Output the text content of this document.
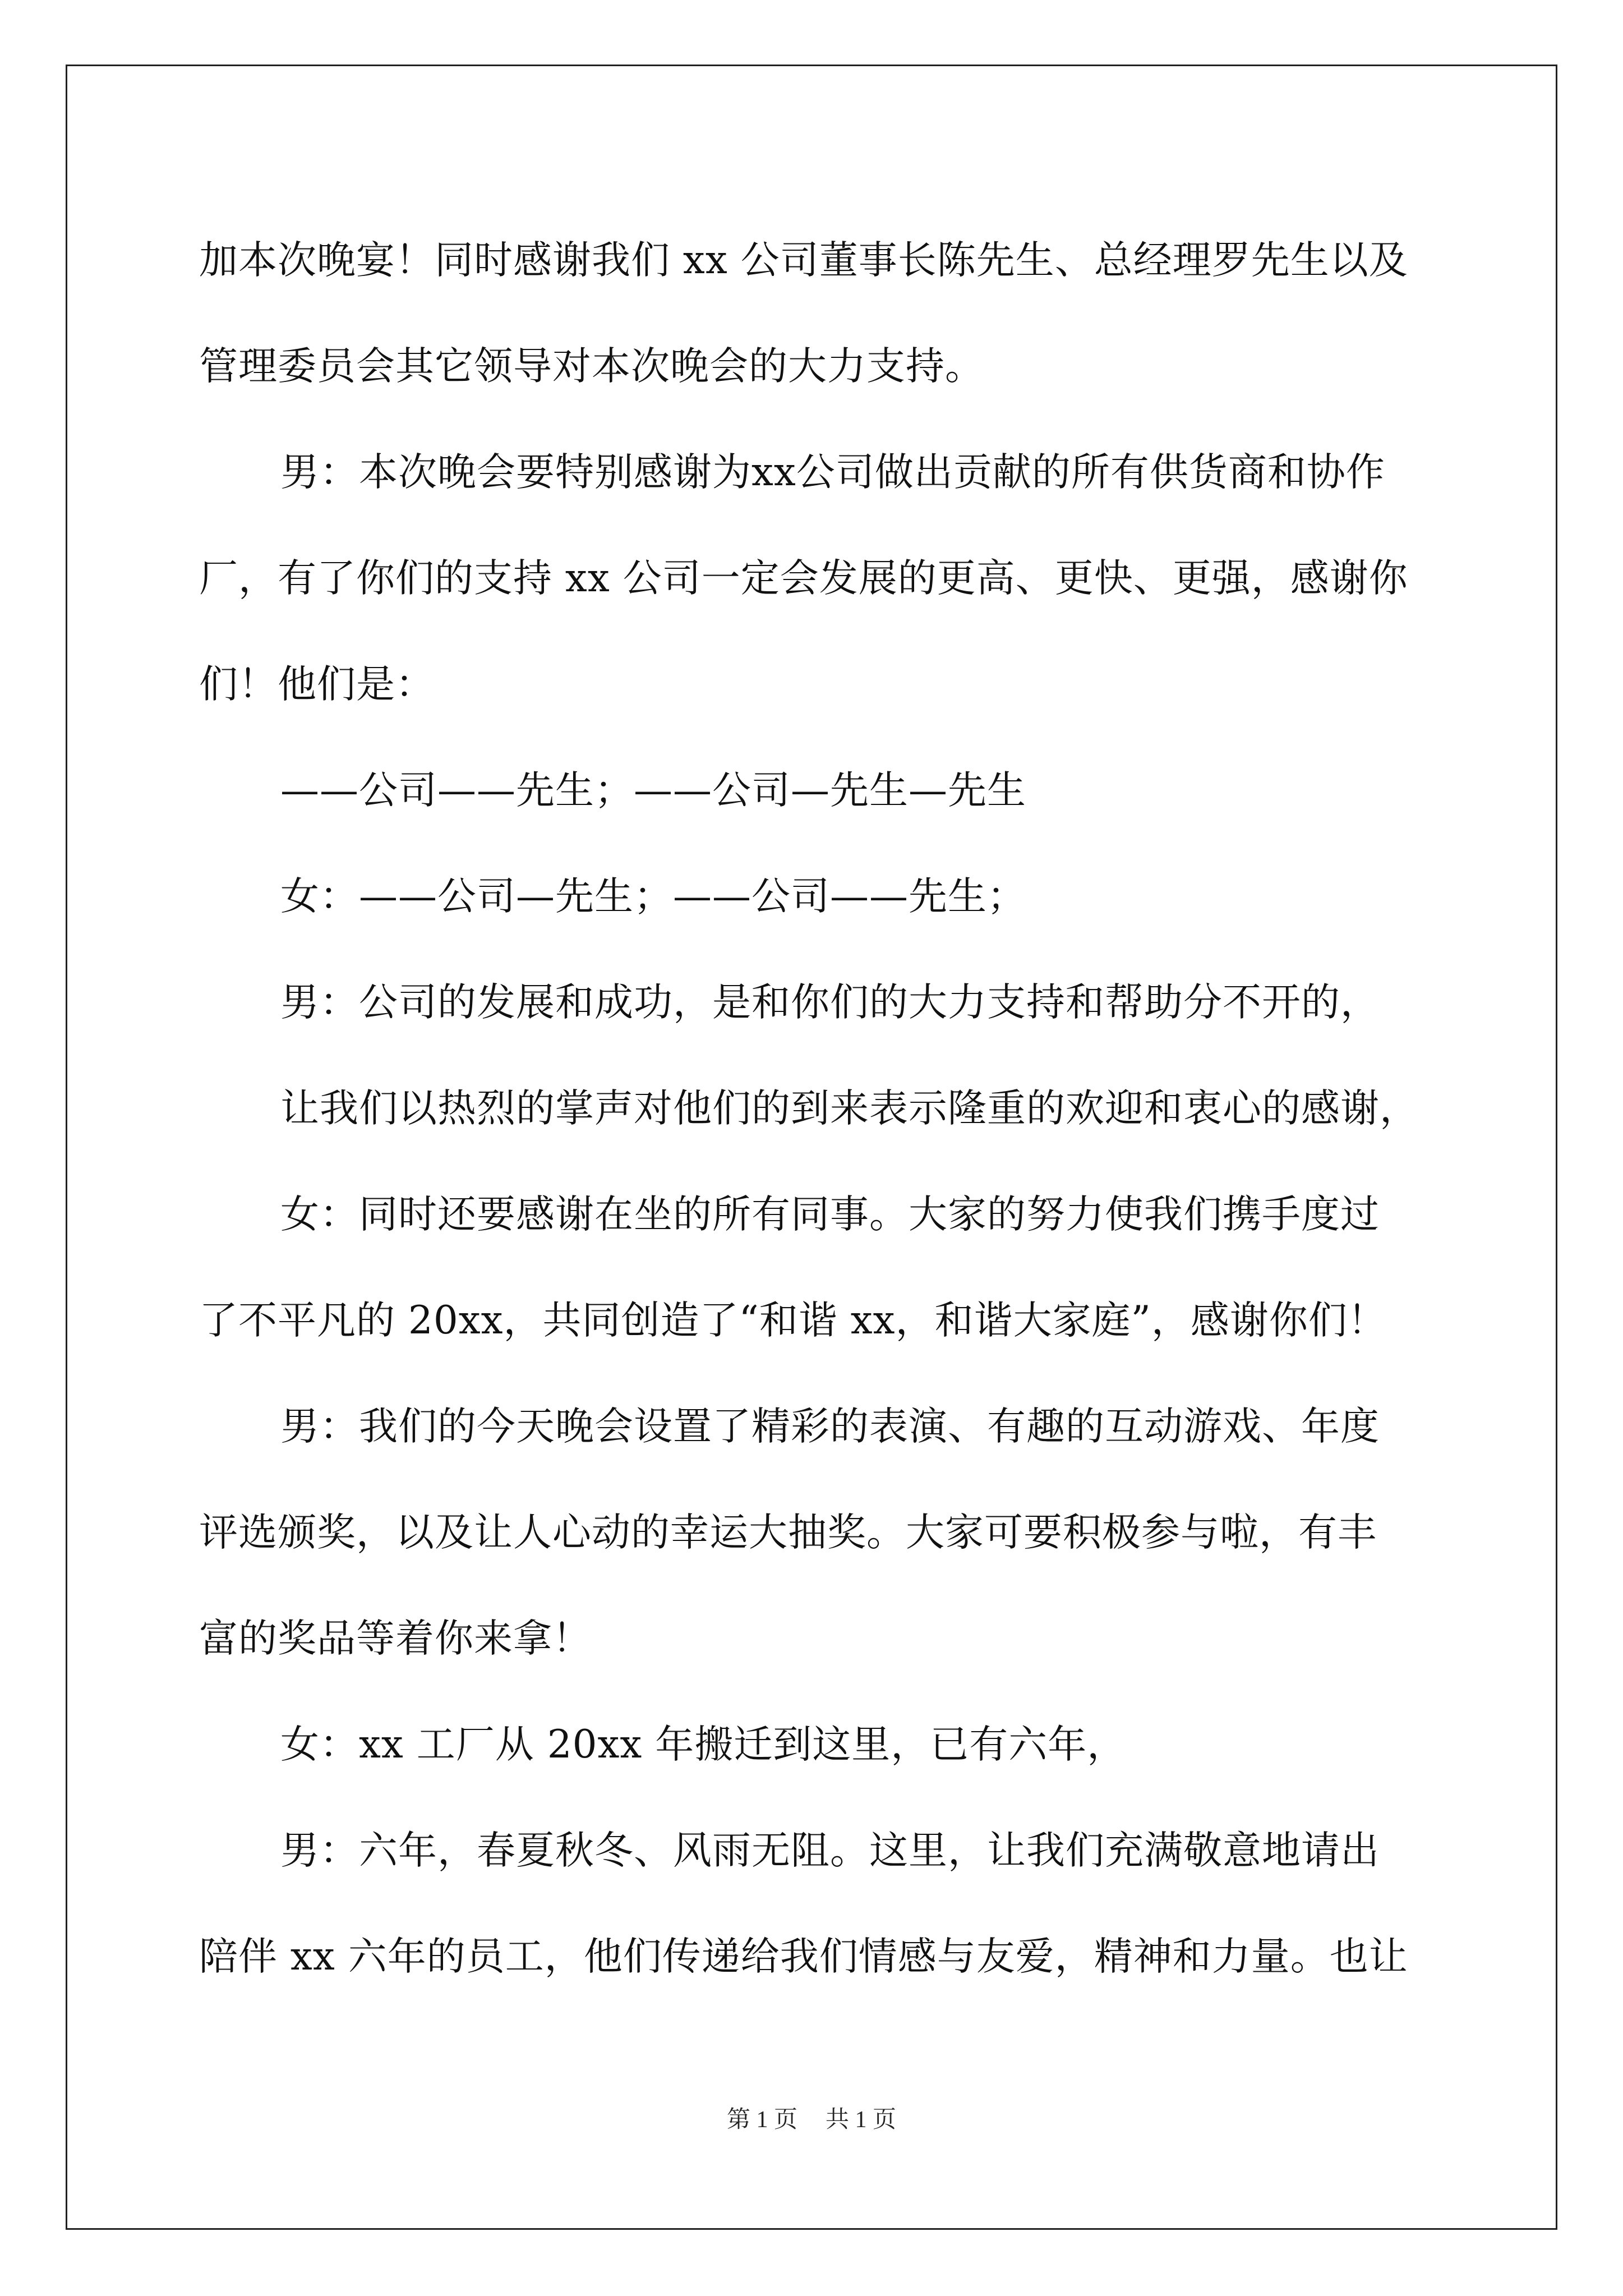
加本次晚宴！同时感谢我们 xx 公司董事长陈先生、总经理罗先生以及
管理委员会其它领导对本次晚会的大力支持。
男：本次晚会要特别感谢为xx公司做出贡献的所有供货商和协作
厂，有了你们的支持 xx 公司一定会发展的更高、更快、更强，感谢你
们！他们是：
——公司——先生；——公司—先生—先生
女：——公司—先生；——公司——先生；
男：公司的发展和成功，是和你们的大力支持和帮助分不开的，
让我们以热烈的掌声对他们的到来表示隆重的欢迎和衷心的感谢，
女：同时还要感谢在坐的所有同事。大家的努力使我们携手度过
了不平凡的 20xx，共同创造了“和谐 xx，和谐大家庭”，感谢你们！
男：我们的今天晚会设置了精彩的表演、有趣的互动游戏、年度
评选颁奖，以及让人心动的幸运大抽奖。大家可要积极参与啦，有丰
富的奖品等着你来拿！
女：xx 工厂从 20xx 年搬迁到这里，已有六年，
男：六年，春夏秋冬、风雨无阻。这里，让我们充满敬意地请出
陪伴 xx 六年的员工，他们传递给我们情感与友爱，精神和力量。也让
第 1 页 共 1 页
